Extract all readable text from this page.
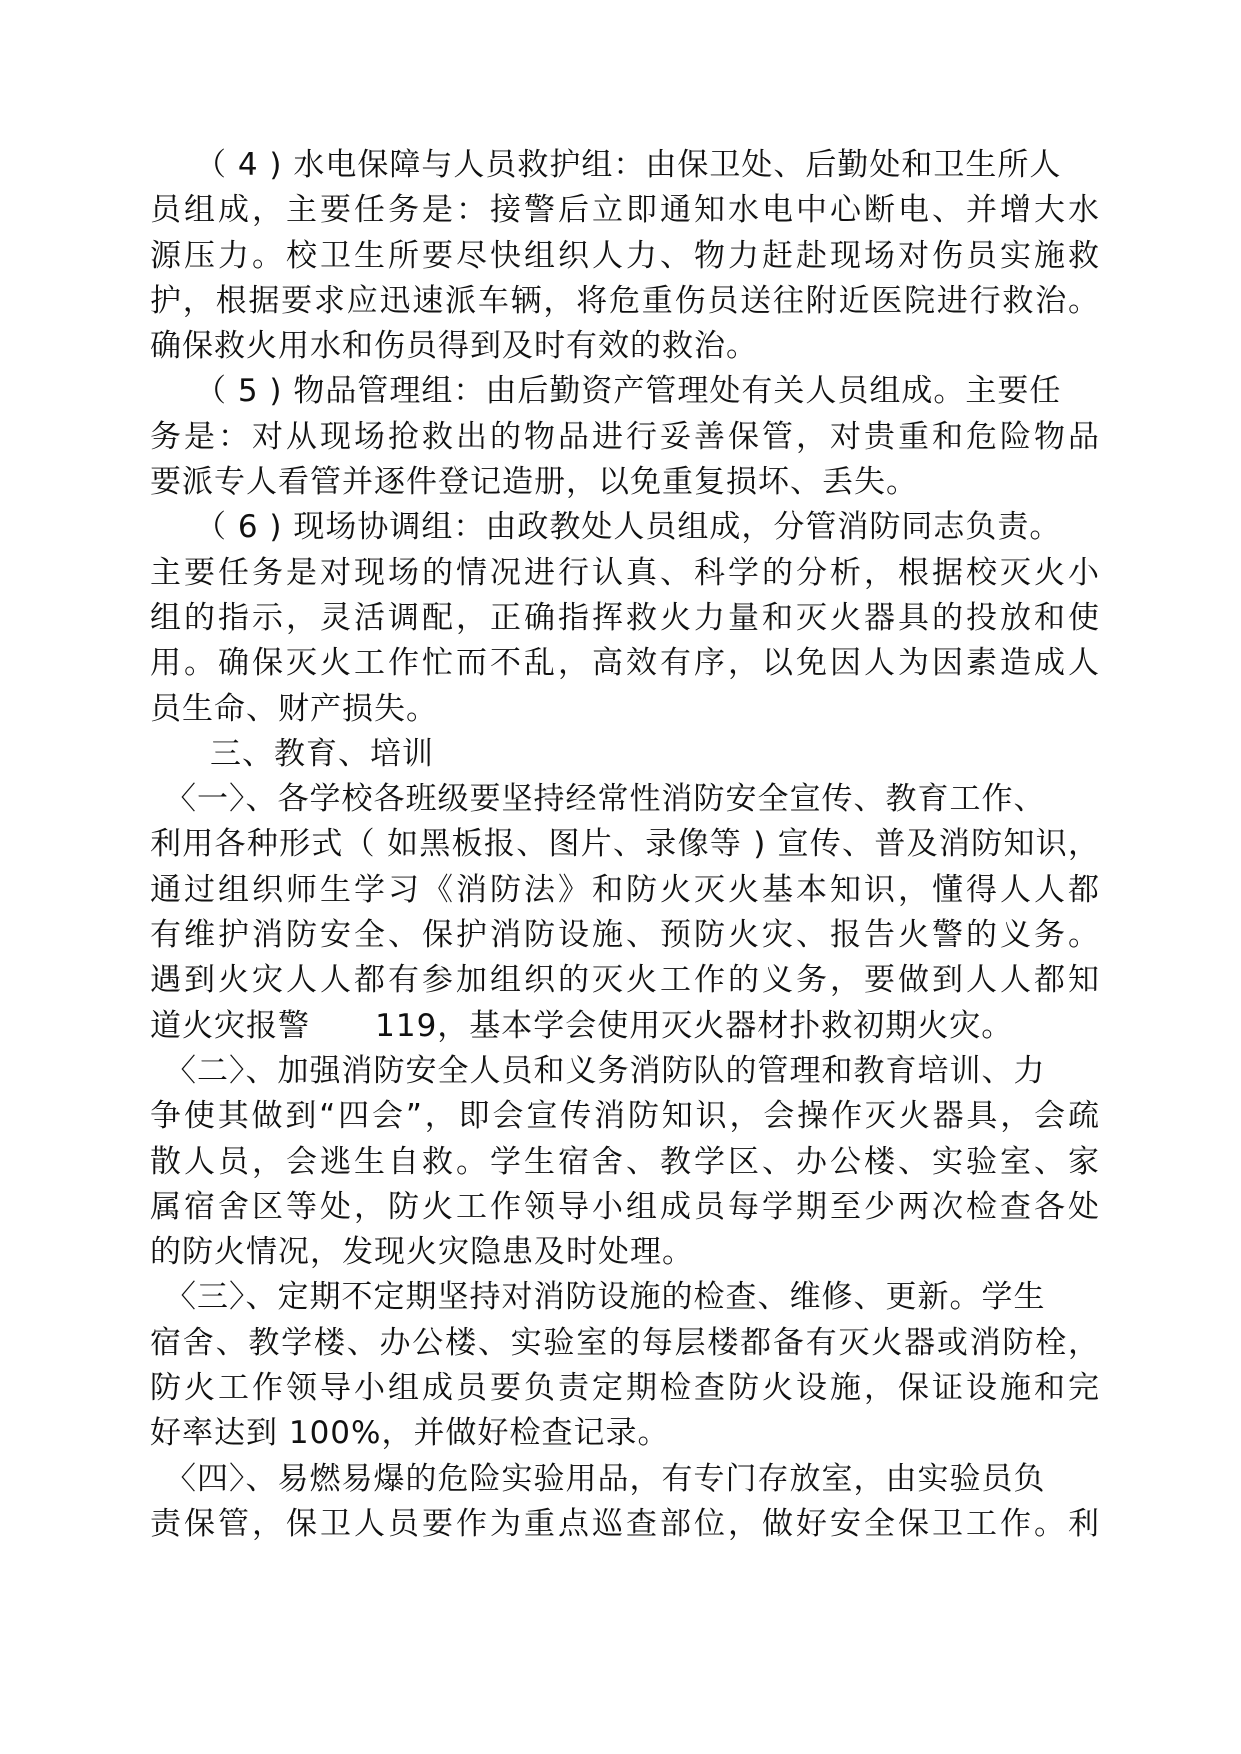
（ 4 ) 水电保障与人员救护组：由保卫处、后勤处和卫生所人
员组成，主要任务是：接警后立即通知水电中心断电、并增大水
源压力。校卫生所要尽快组织人力、物力赶赴现场对伤员实施救
护，根据要求应迅速派车辆，将危重伤员送往附近医院进行救治。
确保救火用水和伤员得到及时有效的救治。
（ 5 ) 物品管理组：由后勤资产管理处有关人员组成。主要任
务是：对从现场抢救出的物品进行妥善保管，对贵重和危险物品
要派专人看管并逐件登记造册，以免重复损坏、丢失。
（ 6 ) 现场协调组：由政教处人员组成，分管消防同志负责。
主要任务是对现场的情况进行认真、科学的分析，根据校灭火小
组的指示，灵活调配，正确指挥救火力量和灭火器具的投放和使
用。确保灭火工作忙而不乱，高效有序，以免因人为因素造成人
员生命、财产损失。
三、教育、培训
〈一〉、各学校各班级要坚持经常性消防安全宣传、教育工作、
利用各种形式（ 如黑板报、图片、录像等 ) 宣传、普及消防知识，
通过组织师生学习《消防法》和防火灭火基本知识，懂得人人都
有维护消防安全、保护消防设施、预防火灾、报告火警的义务。
遇到火灾人人都有参加组织的灭火工作的义务，要做到人人都知
道火灾报警      119，基本学会使用灭火器材扑救初期火灾。
〈二〉、加强消防安全人员和义务消防队的管理和教育培训、力
争使其做到“四会”，即会宣传消防知识，会操作灭火器具，会疏
散人员，会逃生自救。学生宿舍、教学区、办公楼、实验室、家
属宿舍区等处，防火工作领导小组成员每学期至少两次检查各处
的防火情况，发现火灾隐患及时处理。
〈三〉、定期不定期坚持对消防设施的检查、维修、更新。学生
宿舍、教学楼、办公楼、实验室的每层楼都备有灭火器或消防栓，
防火工作领导小组成员要负责定期检查防火设施，保证设施和完
好率达到 100%，并做好检查记录。
〈四〉、易燃易爆的危险实验用品，有专门存放室，由实验员负
责保管，保卫人员要作为重点巡查部位，做好安全保卫工作。利
